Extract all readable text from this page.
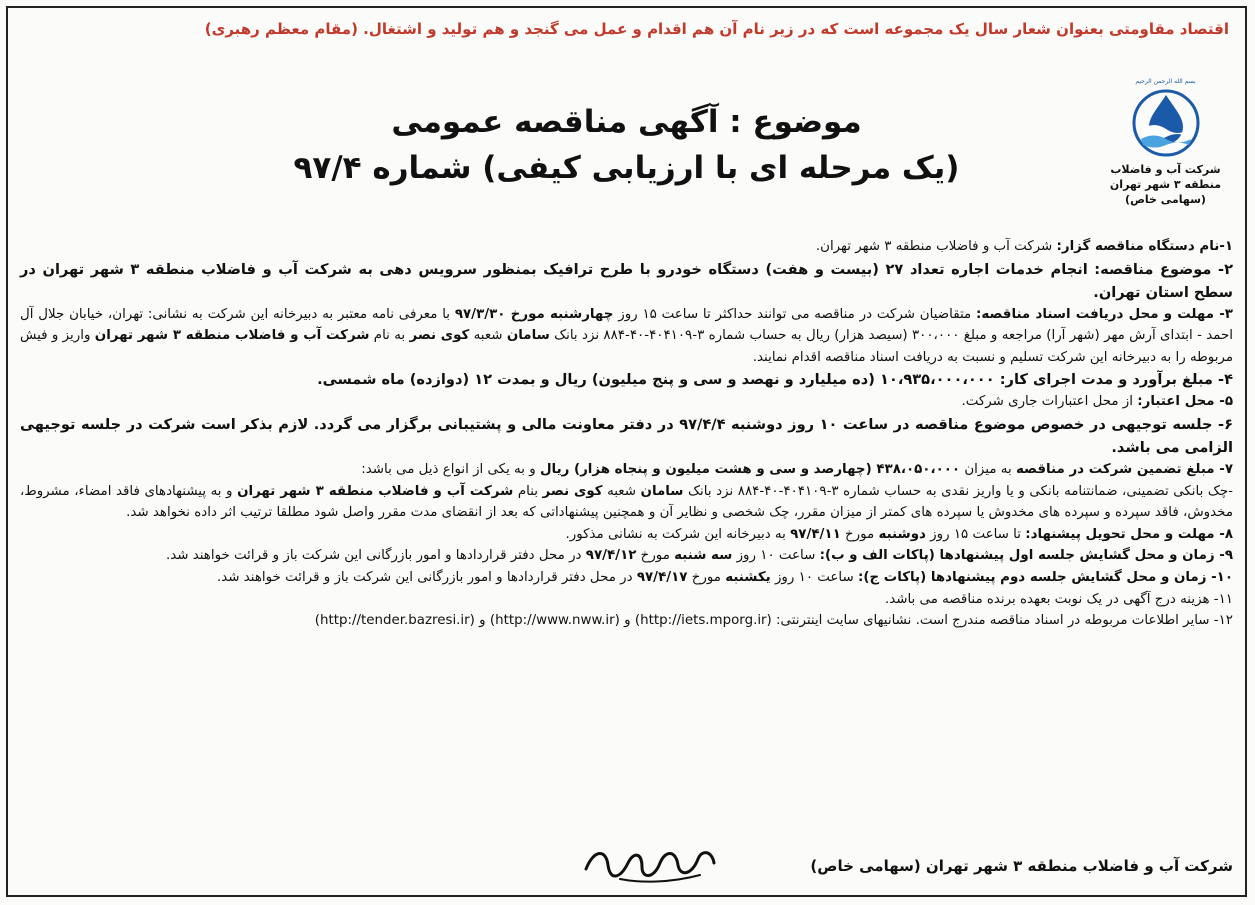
اقتصاد مقاومتی بعنوان شعار سال یک مجموعه است که در زیر نام آن هم اقدام و عمل می گنجد و هم تولید و اشتغال. (مقام معظم رهبری)
بسم الله الرحمن الرحیم
شرکت آب و فاضلاب
منطقه ۳ شهر تهران
(سهامی خاص)
موضوع : آگهی مناقصه عمومی
(یک مرحله ای با ارزیابی کیفی) شماره ۹۷/۴

۱-نام دستگاه مناقصه گزار: شرکت آب و فاضلاب منطقه ۳ شهر تهران.

۲- موضوع مناقصه: انجام خدمات اجاره تعداد ۲۷ (بیست و هفت) دستگاه خودرو با طرح ترافیک بمنظور سرویس دهی به شرکت آب و فاضلاب منطقه ۳ شهر تهران در سطح استان تهران.

۳- مهلت و محل دریافت اسناد مناقصه: متقاضیان شرکت در مناقصه می توانند حداکثر تا ساعت ۱۵ روز چهارشنبه مورخ ۹۷/۳/۳۰ با معرفی نامه معتبر به دبیرخانه این شرکت به نشانی: تهران، خیابان جلال آل احمد - ابتدای آرش مهر (شهر آرا) مراجعه و مبلغ ۳۰۰،۰۰۰ (سیصد هزار) ریال به حساب شماره ۳-۴۰۴۱۰۹-۴۰-۸۸۴ نزد بانک سامان شعبه کوی نصر به نام شرکت آب و فاضلاب منطقه ۳ شهر تهران واریز و فیش مربوطه را به دبیرخانه این شرکت تسلیم و نسبت به دریافت اسناد مناقصه اقدام نمایند.

۴- مبلغ برآورد و مدت اجرای کار: ۱۰،۹۳۵،۰۰۰،۰۰۰ (ده میلیارد و نهصد و سی و پنج میلیون) ریال و بمدت ۱۲ (دوازده) ماه شمسی.

۵- محل اعتبار: از محل اعتبارات جاری شرکت.

۶- جلسه توجیهی در خصوص موضوع مناقصه در ساعت ۱۰ روز دوشنبه ۹۷/۴/۴ در دفتر معاونت مالی و پشتیبانی برگزار می گردد. لازم بذکر است شرکت در جلسه توجیهی الزامی می باشد.

۷- مبلغ تضمین شرکت در مناقصه به میزان ۴۳۸،۰۵۰،۰۰۰ (چهارصد و سی و هشت میلیون و پنجاه هزار) ریال و به یکی از انواع ذیل می باشد:

-چک بانکی تضمینی، ضمانتنامه بانکی و یا واریز نقدی به حساب شماره ۳-۴۰۴۱۰۹-۴۰-۸۸۴ نزد بانک سامان شعبه کوی نصر بنام شرکت آب و فاضلاب منطقه ۳ شهر تهران و به پیشنهادهای فاقد امضاء، مشروط، مخدوش، فاقد سپرده و سپرده های مخدوش یا سپرده های کمتر از میزان مقرر، چک شخصی و نظایر آن و همچنین پیشنهاداتی که بعد از انقضای مدت مقرر واصل شود مطلقا ترتیب اثر داده نخواهد شد.

۸- مهلت و محل تحویل پیشنهاد: تا ساعت ۱۵ روز دوشنبه مورخ ۹۷/۴/۱۱ به دبیرخانه این شرکت به نشانی مذکور.

۹- زمان و محل گشایش جلسه اول پیشنهادها (پاکات الف و ب): ساعت ۱۰ روز سه شنبه مورخ ۹۷/۴/۱۲ در محل دفتر قراردادها و امور بازرگانی این شرکت باز و قرائت خواهند شد.

۱۰- زمان و محل گشایش جلسه دوم پیشنهادها (پاکات ج): ساعت ۱۰ روز یکشنبه مورخ ۹۷/۴/۱۷ در محل دفتر قراردادها و امور بازرگانی این شرکت باز و قرائت خواهند شد.

۱۱- هزینه درج آگهی در یک نوبت بعهده برنده مناقصه می باشد.

۱۲- سایر اطلاعات مربوطه در اسناد مناقصه مندرج است. نشانیهای سایت اینترنتی: (http://iets.mporg.ir) و (http://www.nww.ir) و (http://tender.bazresi.ir)

شرکت آب و فاضلاب منطقه ۳ شهر تهران (سهامی خاص)
